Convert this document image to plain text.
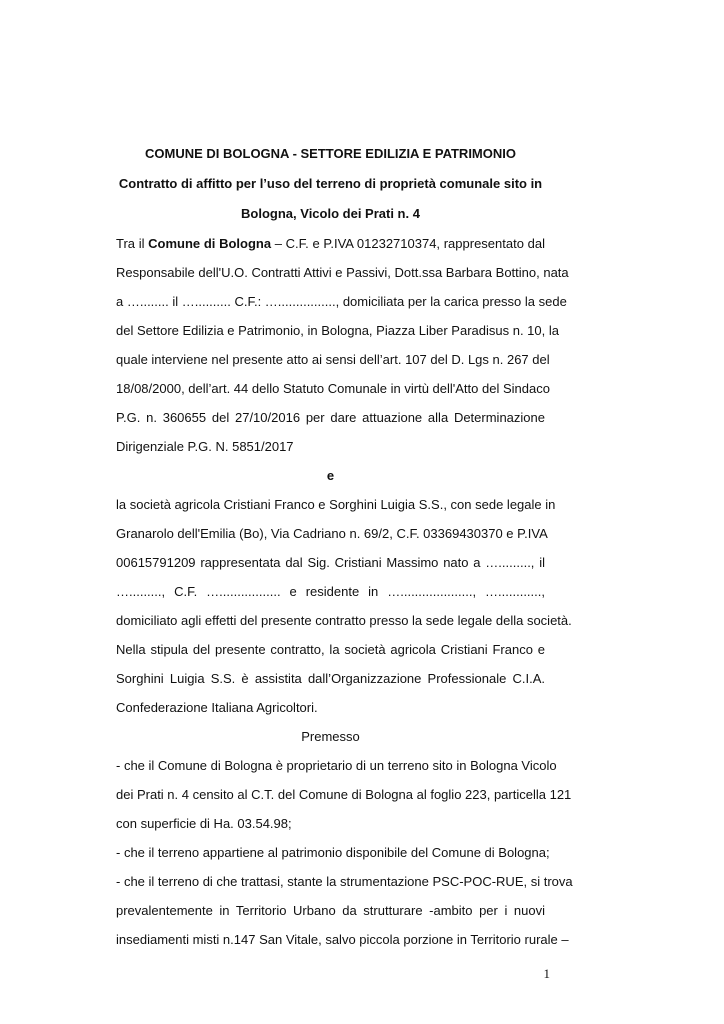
COMUNE DI BOLOGNA - SETTORE EDILIZIA E PATRIMONIO
Contratto di affitto per l’uso del terreno di proprietà comunale sito in
Bologna, Vicolo dei Prati n. 4
Tra il Comune di Bologna – C.F. e P.IVA 01232710374, rappresentato dal
Responsabile dell'U.O. Contratti Attivi e Passivi, Dott.ssa Barbara Bottino, nata
a …........ il ….......... C.F.: …................, domiciliata per la carica presso la sede
del Settore Edilizia e Patrimonio, in Bologna, Piazza Liber Paradisus n. 10, la
quale interviene nel presente atto ai sensi dell’art. 107 del D. Lgs n. 267 del
18/08/2000, dell’art. 44 dello Statuto Comunale in virtù dell'Atto del Sindaco
P.G. n. 360655 del 27/10/2016 per dare attuazione alla Determinazione
Dirigenziale P.G. N. 5851/2017
e
la società agricola Cristiani Franco e Sorghini Luigia S.S., con sede legale in
Granarolo dell'Emilia (Bo), Via Cadriano n. 69/2, C.F. 03369430370 e P.IVA
00615791209 rappresentata dal Sig. Cristiani Massimo nato a …........., il
…........., C.F. …................. e residente in …...................., …............,
domiciliato agli effetti del presente contratto presso la sede legale della società.
Nella stipula del presente contratto, la società agricola Cristiani Franco e
Sorghini Luigia S.S. è assistita dall’Organizzazione Professionale C.I.A.
Confederazione Italiana Agricoltori.
Premesso
- che il Comune di Bologna è proprietario di un terreno sito in Bologna Vicolo
dei Prati n. 4 censito al C.T. del Comune di Bologna al foglio 223, particella 121
con superficie di Ha. 03.54.98;
- che il terreno appartiene al patrimonio disponibile del Comune di Bologna;
- che il terreno di che trattasi, stante la strumentazione PSC-POC-RUE, si trova
prevalentemente in Territorio Urbano da strutturare -ambito per i nuovi
insediamenti misti n.147 San Vitale, salvo piccola porzione in Territorio rurale –
1
